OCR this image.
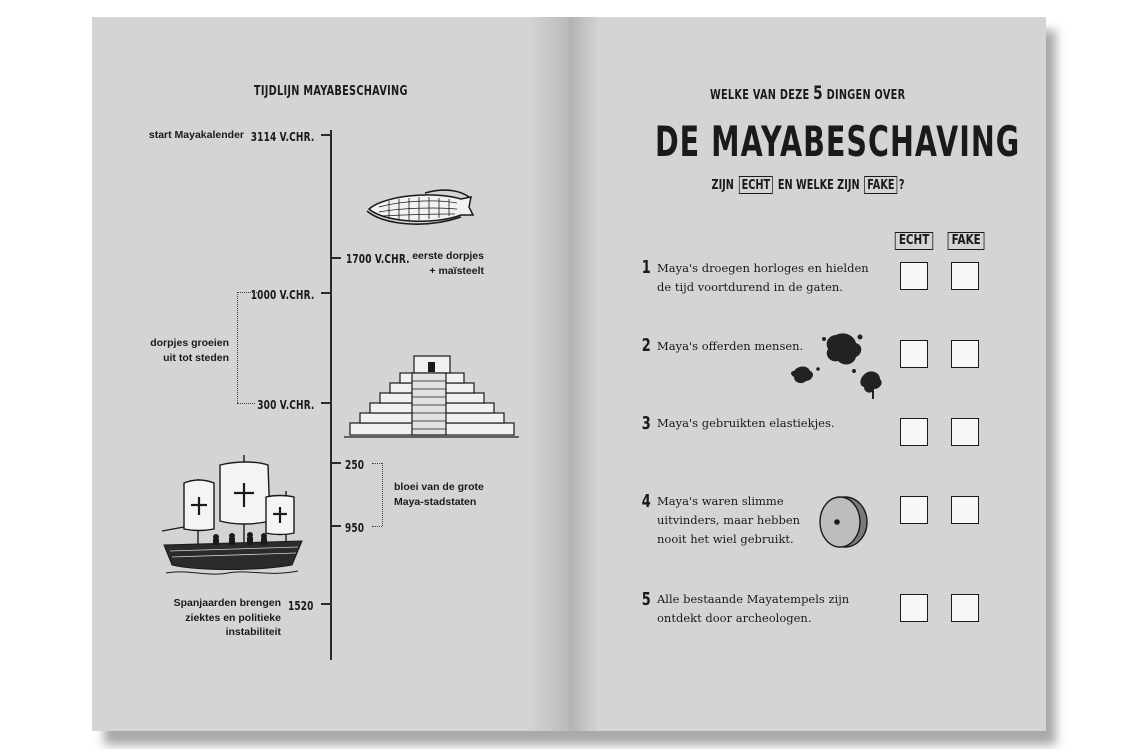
TIJDLIJN MAYABESCHAVING
start Mayakalender 3114 V.CHR.
1700 V.CHR. eerste dorpjes
+ maïsteelt
1000 V.CHR.
300 V.CHR.
dorpjes groeien
uit tot steden
250
950
bloei van de grote
Maya-stadstaten
1520
Spanjaarden brengen
ziektes en politieke
instabiliteit
WELKE VAN DEZE 5 DINGEN OVER
DE MAYABESCHAVING
ZIJN ECHT EN WELKE ZIJN FAKE ?
ECHT	FAKE
1 Maya's droegen horloges en hielden
de tijd voortdurend in de gaten.
2 Maya's offerden mensen.
3 Maya's gebruikten elastiekjes.
4 Maya's waren slimme
uitvinders, maar hebben
nooit het wiel gebruikt.
5 Alle bestaande Mayatempels zijn
ontdekt door archeologen.
